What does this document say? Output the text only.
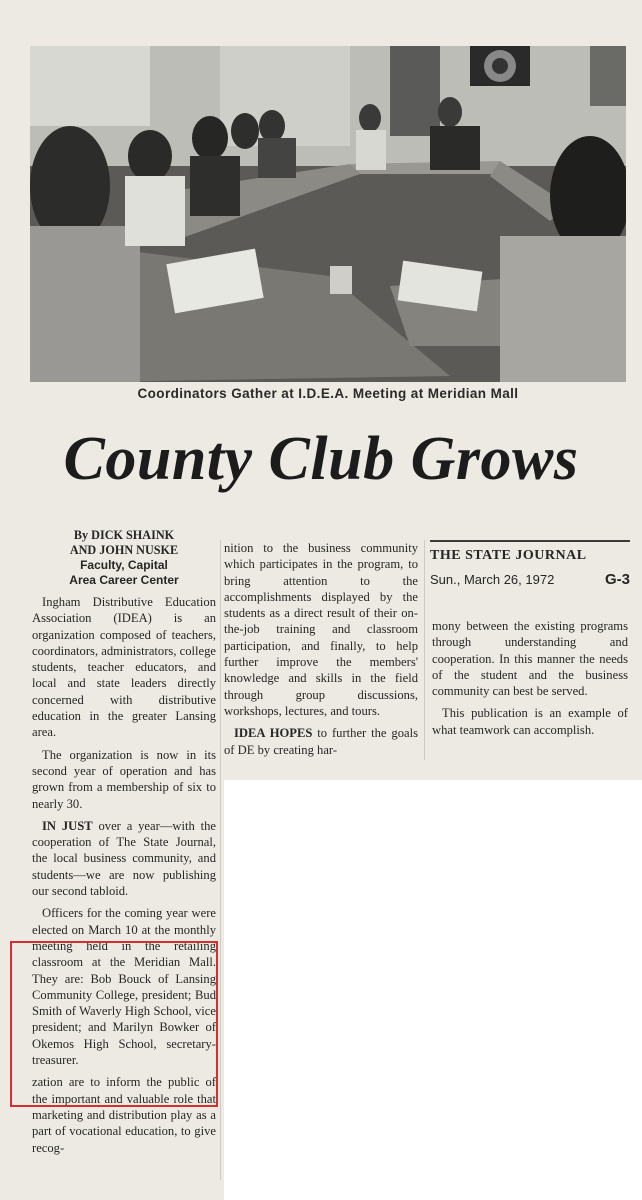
Coordinators Gather at I.D.E.A. Meeting at Meridian Mall
County Club Grows
By DICK SHAINK
AND JOHN NUSKE
Faculty, Capital
Area Career Center

Ingham Distributive Education Association (IDEA) is an organization composed of teachers, coordinators, administrators, college students, teacher educators, and local and state leaders directly concerned with distributive education in the greater Lansing area.

The organization is now in its second year of operation and has grown from a membership of six to nearly 30.

IN JUST over a year—with the cooperation of The State Journal, the local business community, and students—we are now publishing our second tabloid.

Officers for the coming year were elected on March 10 at the monthly meeting held in the retailing classroom at the Meridian Mall. They are: Bob Bouck of Lansing Community College, president; Bud Smith of Waverly High School, vice president; and Marilyn Bowker of Okemos High School, secretary-treasurer.

zation are to inform the public of the important and valuable role that marketing and distribution play as a part of vocational education, to give recog-

nition to the business community which participates in the program, to bring attention to the accomplishments displayed by the students as a direct result of their on-the-job training and classroom participation, and finally, to help further improve the members' knowledge and skills in the field through group discussions, workshops, lectures, and tours.

IDEA HOPES to further the goals of DE by creating har-

THE STATE JOURNAL
Sun., March 26, 1972	G-3

mony between the existing programs through understanding and cooperation. In this manner the needs of the student and the business community can best be served.

This publication is an example of what teamwork can accomplish.
